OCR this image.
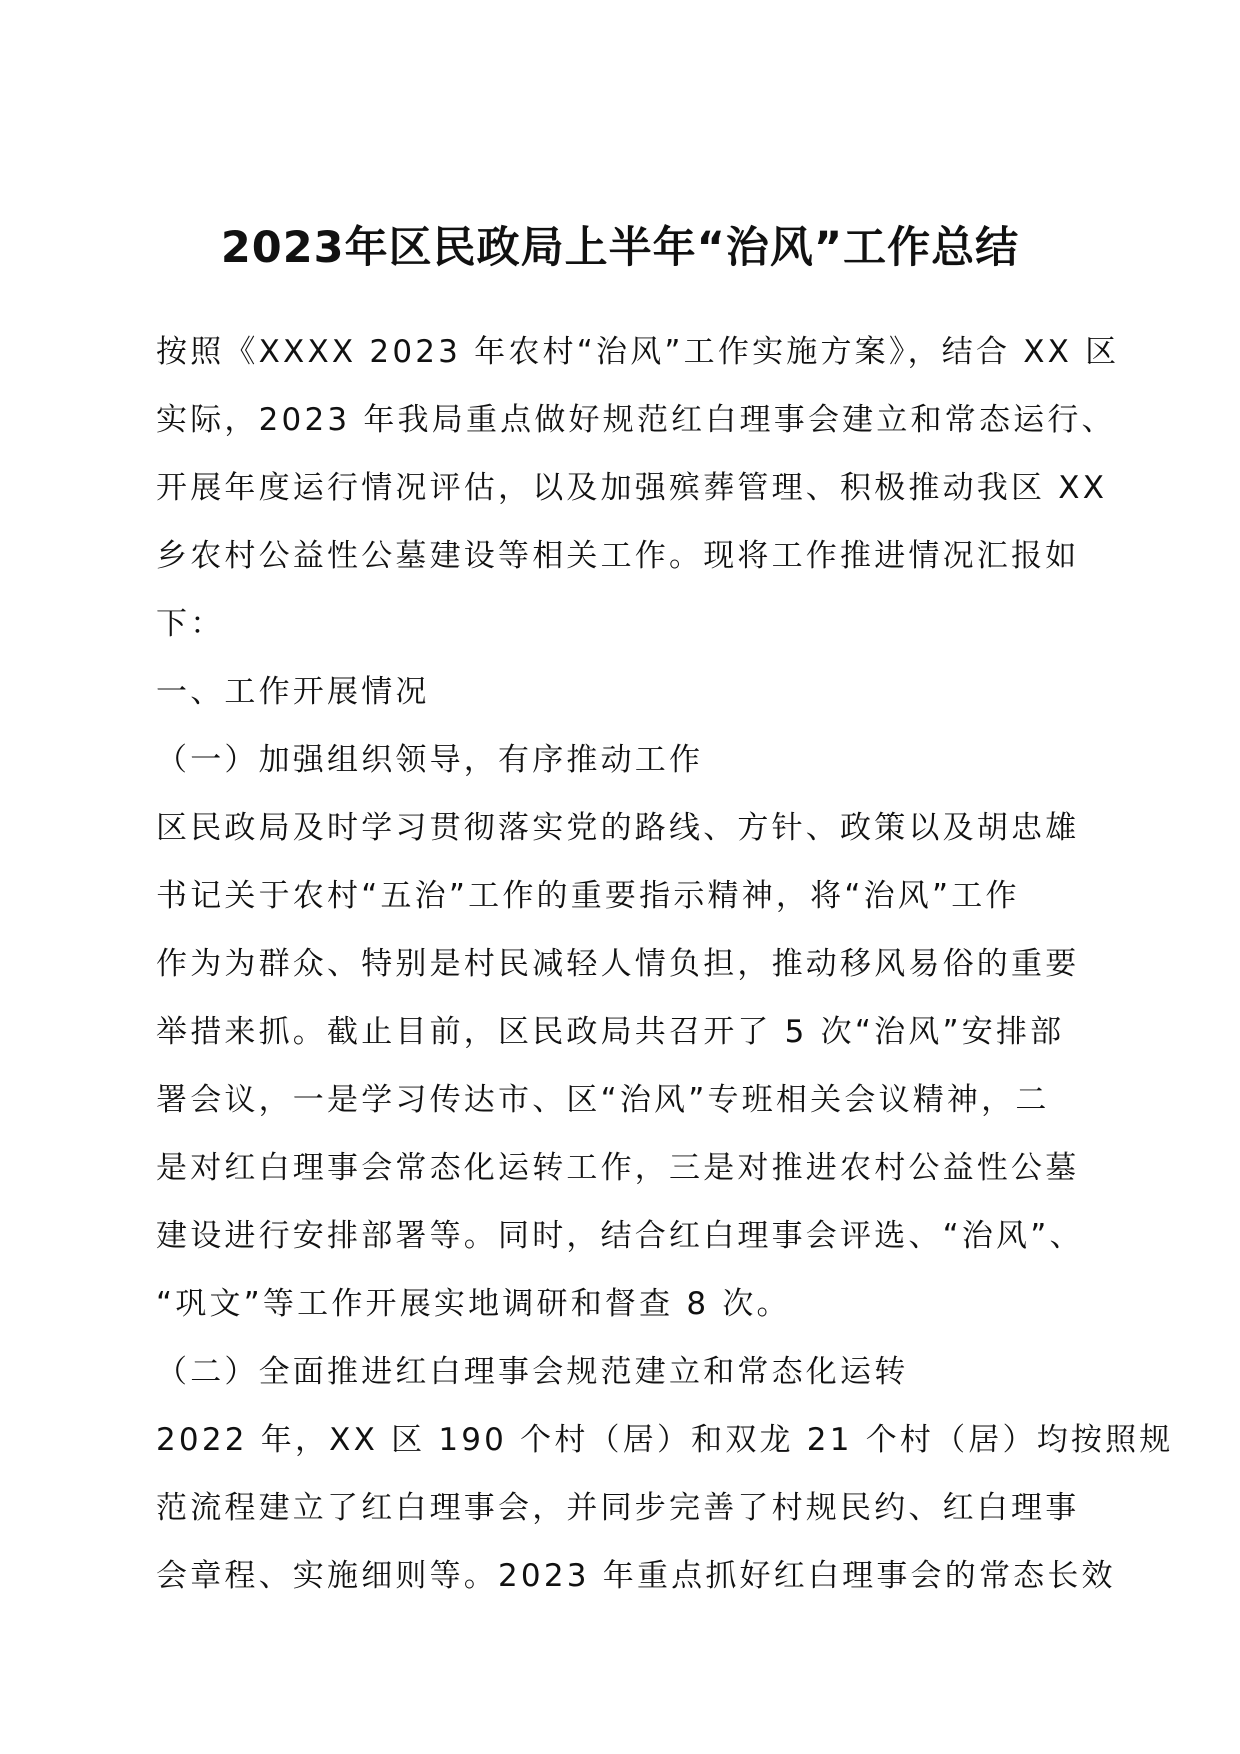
2023年区民政局上半年“治风”工作总结
按照《XXXX 2023 年农村“治风”工作实施方案》，结合 XX 区
实际，2023 年我局重点做好规范红白理事会建立和常态运行、
开展年度运行情况评估，以及加强殡葬管理、积极推动我区 XX
乡农村公益性公墓建设等相关工作。现将工作推进情况汇报如
下：
一、工作开展情况
（一）加强组织领导，有序推动工作
区民政局及时学习贯彻落实党的路线、方针、政策以及胡忠雄
书记关于农村“五治”工作的重要指示精神，将“治风”工作
作为为群众、特别是村民减轻人情负担，推动移风易俗的重要
举措来抓。截止目前，区民政局共召开了 5 次“治风”安排部
署会议，一是学习传达市、区“治风”专班相关会议精神，二
是对红白理事会常态化运转工作，三是对推进农村公益性公墓
建设进行安排部署等。同时，结合红白理事会评选、“治风”、
“巩文”等工作开展实地调研和督查 8 次。
（二）全面推进红白理事会规范建立和常态化运转
2022 年，XX 区 190 个村（居）和双龙 21 个村（居）均按照规
范流程建立了红白理事会，并同步完善了村规民约、红白理事
会章程、实施细则等。2023 年重点抓好红白理事会的常态长效
